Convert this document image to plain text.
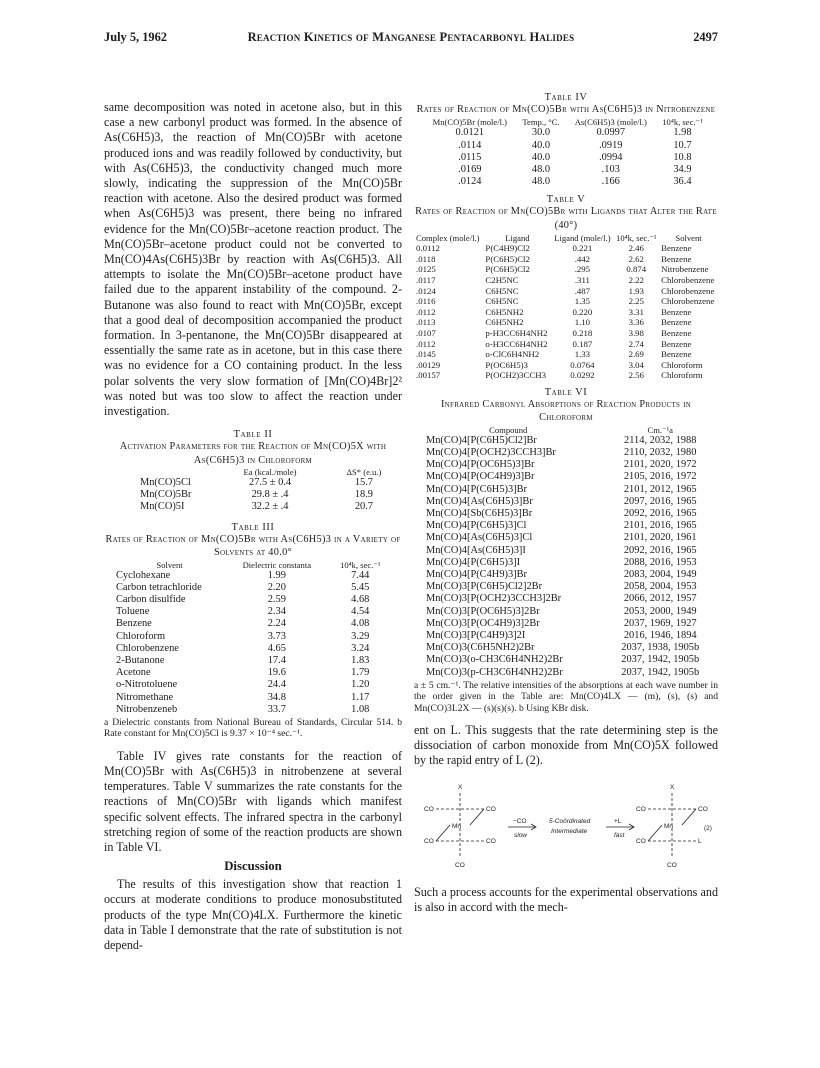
July 5, 1962	Reaction Kinetics of Manganese Pentacarbonyl Halides	2497

same decomposition was noted in acetone also, but in this case a new carbonyl product was formed. In the absence of As(C6H5)3, the reaction of Mn(CO)5Br with acetone produced ions and was readily followed by conductivity, but with As(C6H5)3, the conductivity changed much more slowly, indicating the suppression of the Mn(CO)5Br reaction with acetone. Also the desired product was formed when As(C6H5)3 was present, there being no infrared evidence for the Mn(CO)5Br–acetone reaction product. The Mn(CO)5Br–acetone product could not be converted to Mn(CO)4As(C6H5)3Br by reaction with As(C6H5)3. All attempts to isolate the Mn(CO)5Br–acetone product have failed due to the apparent instability of the compound. 2-Butanone was also found to react with Mn(CO)5Br, except that a good deal of decomposition accompanied the product formation. In 3-pentanone, the Mn(CO)5Br disappeared at essentially the same rate as in acetone, but in this case there was no evidence for a CO containing product. In the less polar solvents the very slow formation of [Mn(CO)4Br]2² was noted but was too slow to affect the reaction under investigation.

Table II
Activation Parameters for the Reaction of Mn(CO)5X with As(C6H5)3 in Chloroform
	Ea (kcal./mole)	ΔS* (e.u.)
Mn(CO)5Cl	27.5 ± 0.4	15.7
Mn(CO)5Br	29.8 ± .4	18.9
Mn(CO)5I	32.2 ± .4	20.7
Table III
Rates of Reaction of Mn(CO)5Br with As(C6H5)3 in a Variety of Solvents at 40.0°
Solvent	Dielectric constanta	10⁴k, sec.⁻¹
Cyclohexane	1.99	7.44
Carbon tetrachloride	2.20	5.45
Carbon disulfide	2.59	4.68
Toluene	2.34	4.54
Benzene	2.24	4.08
Chloroform	3.73	3.29
Chlorobenzene	4.65	3.24
2-Butanone	17.4	1.83
Acetone	19.6	1.79
o-Nitrotoluene	24.4	1.20
Nitromethane	34.8	1.17
Nitrobenzeneb	33.7	1.08
a Dielectric constants from National Bureau of Standards, Circular 514. b Rate constant for Mn(CO)5Cl is 9.37 × 10⁻⁴ sec.⁻¹.

Table IV gives rate constants for the reaction of Mn(CO)5Br with As(C6H5)3 in nitrobenzene at several temperatures. Table V summarizes the rate constants for the reactions of Mn(CO)5Br with ligands which manifest specific solvent effects. The infrared spectra in the carbonyl stretching region of some of the reaction products are shown in Table VI.

Discussion

The results of this investigation show that reaction 1 occurs at moderate conditions to produce monosubstituted products of the type Mn(CO)4LX. Furthermore the kinetic data in Table I demonstrate that the rate of substitution is not depend-

Table IV
Rates of Reaction of Mn(CO)5Br with As(C6H5)3 in Nitrobenzene
Mn(CO)5Br (mole/l.)	Temp., °C.	As(C6H5)3 (mole/l.)	10⁴k, sec.⁻¹
0.0121	30.0	0.0997	1.98
.0114	40.0	.0919	10.7
.0115	40.0	.0994	10.8
.0169	48.0	.103	34.9
.0124	48.0	.166	36.4
Table V
Rates of Reaction of Mn(CO)5Br with Ligands that Alter the Rate (40°)
Complex (mole/l.)	Ligand	Ligand (mole/l.)	10⁴k, sec.⁻¹	Solvent
0.0112	P(C4H9)Cl2	0.221	2.46	Benzene
.0118	P(C6H5)Cl2	.442	2.62	Benzene
.0125	P(C6H5)Cl2	.295	0.874	Nitrobenzene
.0117	C2H5NC	.311	2.22	Chlorobenzene
.0124	C6H5NC	.487	1.93	Chlorobenzene
.0116	C6H5NC	1.35	2.25	Chlorobenzene
.0112	C6H5NH2	0.220	3.31	Benzene
.0113	C6H5NH2	1.10	3.36	Benzene
.0107	p-H3CC6H4NH2	0.218	3.98	Benzene
.0112	o-H3CC6H4NH2	0.187	2.74	Benzene
.0145	o-ClC6H4NH2	1.33	2.69	Benzene
.00129	P(OC6H5)3	0.0764	3.04	Chloroform
.00157	P(OCH2)3CCH3	0.0292	2.56	Chloroform
Table VI
Infrared Carbonyl Absorptions of Reaction Products in Chloroform
Compound	Cm.⁻¹a
Mn(CO)4[P(C6H5)Cl2]Br	2114, 2032, 1988
Mn(CO)4[P(OCH2)3CCH3]Br	2110, 2032, 1980
Mn(CO)4[P(OC6H5)3]Br	2101, 2020, 1972
Mn(CO)4[P(OC4H9)3]Br	2105, 2016, 1972
Mn(CO)4[P(C6H5)3]Br	2101, 2012, 1965
Mn(CO)4[As(C6H5)3]Br	2097, 2016, 1965
Mn(CO)4[Sb(C6H5)3]Br	2092, 2016, 1965
Mn(CO)4[P(C6H5)3]Cl	2101, 2016, 1965
Mn(CO)4[As(C6H5)3]Cl	2101, 2020, 1961
Mn(CO)4[As(C6H5)3]I	2092, 2016, 1965
Mn(CO)4[P(C6H5)3]I	2088, 2016, 1953
Mn(CO)4[P(C4H9)3]Br	2083, 2004, 1949
Mn(CO)3[P(C6H5)Cl2]2Br	2058, 2004, 1953
Mn(CO)3[P(OCH2)3CCH3]2Br	2066, 2012, 1957
Mn(CO)3[P(OC6H5)3]2Br	2053, 2000, 1949
Mn(CO)3[P(OC4H9)3]2Br	2037, 1969, 1927
Mn(CO)3[P(C4H9)3]2I	2016, 1946, 1894
Mn(CO)3(C6H5NH2)2Br	2037, 1938, 1905b
Mn(CO)3(o-CH3C6H4NH2)2Br	2037, 1942, 1905b
Mn(CO)3(p-CH3C6H4NH2)2Br	2037, 1942, 1905b
a ± 5 cm.⁻¹. The relative intensities of the absorptions at each wave number in the order given in the Table are: Mn(CO)4LX — (m), (s), (s) and Mn(CO)3L2X — (s)(s)(s). b Using KBr disk.

ent on L. This suggests that the rate determining step is the dissociation of carbon monoxide from Mn(CO)5X followed by the rapid entry of L (2).

X
CO	CO
CO	CO
CO
Mn
−CO
slow
5-Coördinated
Intermediate
+L
fast
X
CO	CO
CO	L
CO
Mn	(2)

Such a process accounts for the experimental observations and is also in accord with the mech-
